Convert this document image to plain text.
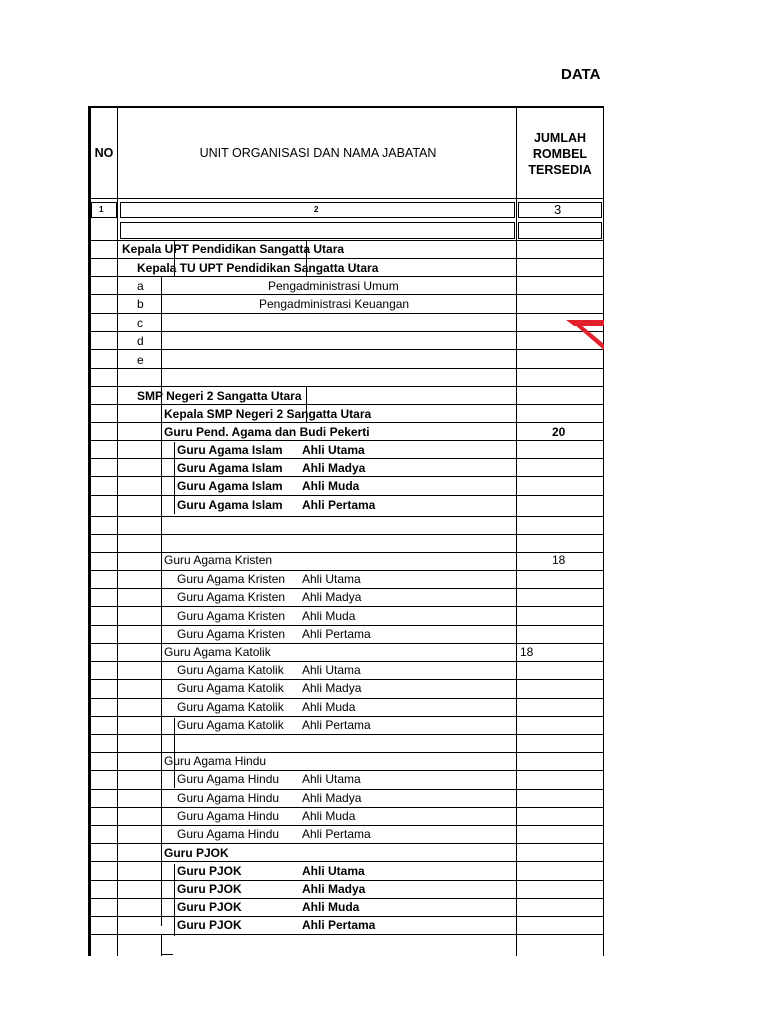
DATA
NO	UNIT ORGANISASI DAN NAMA JABATAN
JUMLAH ROMBEL TERSEDIA
1	2	3
Kepala UPT Pendidikan Sangatta Utara
Kepala TU UPT Pendidikan Sangatta Utara
a	Pengadministrasi Umum
b	Pengadministrasi Keuangan
c
d
e
SMP Negeri 2 Sangatta Utara
Kepala SMP Negeri 2 Sangatta Utara
Guru Pend. Agama dan Budi Pekerti	20
Guru Agama Islam Ahli Utama
Guru Agama Islam Ahli Madya
Guru Agama Islam Ahli Muda
Guru Agama Islam Ahli Pertama
Guru Agama Kristen	18
Guru Agama Kristen Ahli Utama
Guru Agama Kristen Ahli Madya
Guru Agama Kristen Ahli Muda
Guru Agama Kristen Ahli Pertama
Guru Agama Katolik	18
Guru Agama Katolik Ahli Utama
Guru Agama Katolik Ahli Madya
Guru Agama Katolik Ahli Muda
Guru Agama Katolik Ahli Pertama
Guru Agama Hindu
Guru Agama Hindu Ahli Utama
Guru Agama Hindu Ahli Madya
Guru Agama Hindu Ahli Muda
Guru Agama Hindu Ahli Pertama
Guru PJOK
Guru PJOK	Ahli Utama
Guru PJOK	Ahli Madya
Guru PJOK	Ahli Muda
Guru PJOK	Ahli Pertama
